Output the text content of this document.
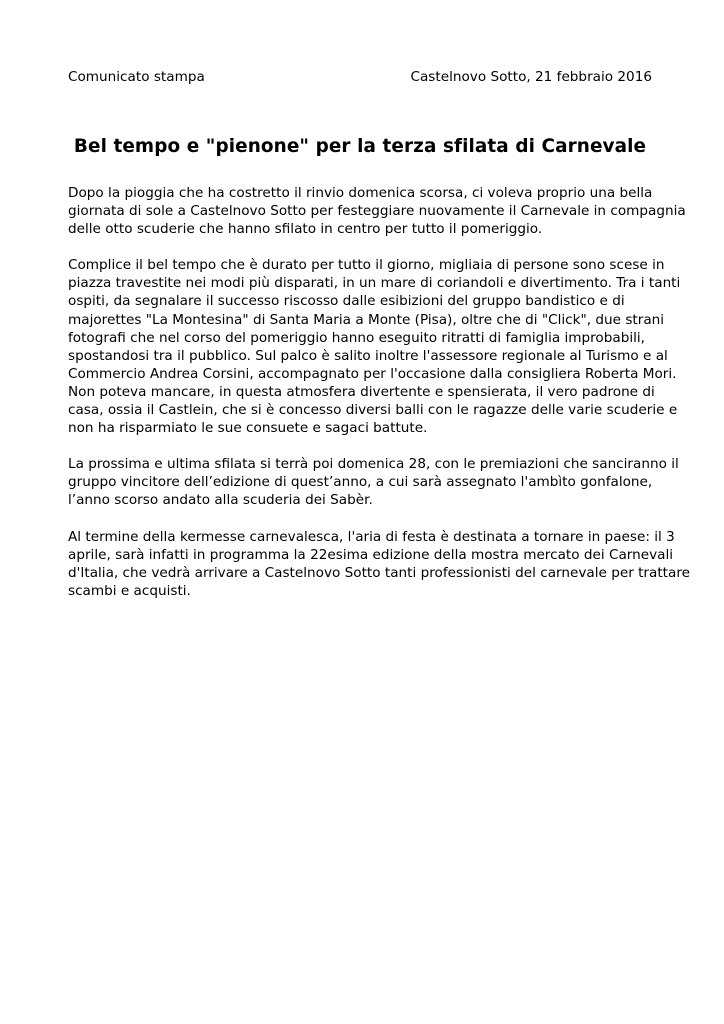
Comunicato stampa	Castelnovo Sotto, 21 febbraio 2016
Bel tempo e "pienone" per la terza sfilata di Carnevale

Dopo la pioggia che ha costretto il rinvio domenica scorsa, ci voleva proprio una bella
giornata di sole a Castelnovo Sotto per festeggiare nuovamente il Carnevale in compagnia
delle otto scuderie che hanno sfilato in centro per tutto il pomeriggio.

Complice il bel tempo che è durato per tutto il giorno, migliaia di persone sono scese in
piazza travestite nei modi più disparati, in un mare di coriandoli e divertimento. Tra i tanti
ospiti, da segnalare il successo riscosso dalle esibizioni del gruppo bandistico e di
majorettes "La Montesina" di Santa Maria a Monte (Pisa), oltre che di "Click", due strani
fotografi che nel corso del pomeriggio hanno eseguito ritratti di famiglia improbabili,
spostandosi tra il pubblico. Sul palco è salito inoltre l'assessore regionale al Turismo e al
Commercio Andrea Corsini, accompagnato per l'occasione dalla consigliera Roberta Mori.
Non poteva mancare, in questa atmosfera divertente e spensierata, il vero padrone di
casa, ossia il Castlein, che si è concesso diversi balli con le ragazze delle varie scuderie e
non ha risparmiato le sue consuete e sagaci battute.

La prossima e ultima sfilata si terrà poi domenica 28, con le premiazioni che sanciranno il
gruppo vincitore dell’edizione di quest’anno, a cui sarà assegnato l'ambìto gonfalone,
l’anno scorso andato alla scuderia dei Sabèr.

Al termine della kermesse carnevalesca, l'aria di festa è destinata a tornare in paese: il 3
aprile, sarà infatti in programma la 22esima edizione della mostra mercato dei Carnevali
d'Italia, che vedrà arrivare a Castelnovo Sotto tanti professionisti del carnevale per trattare
scambi e acquisti.
